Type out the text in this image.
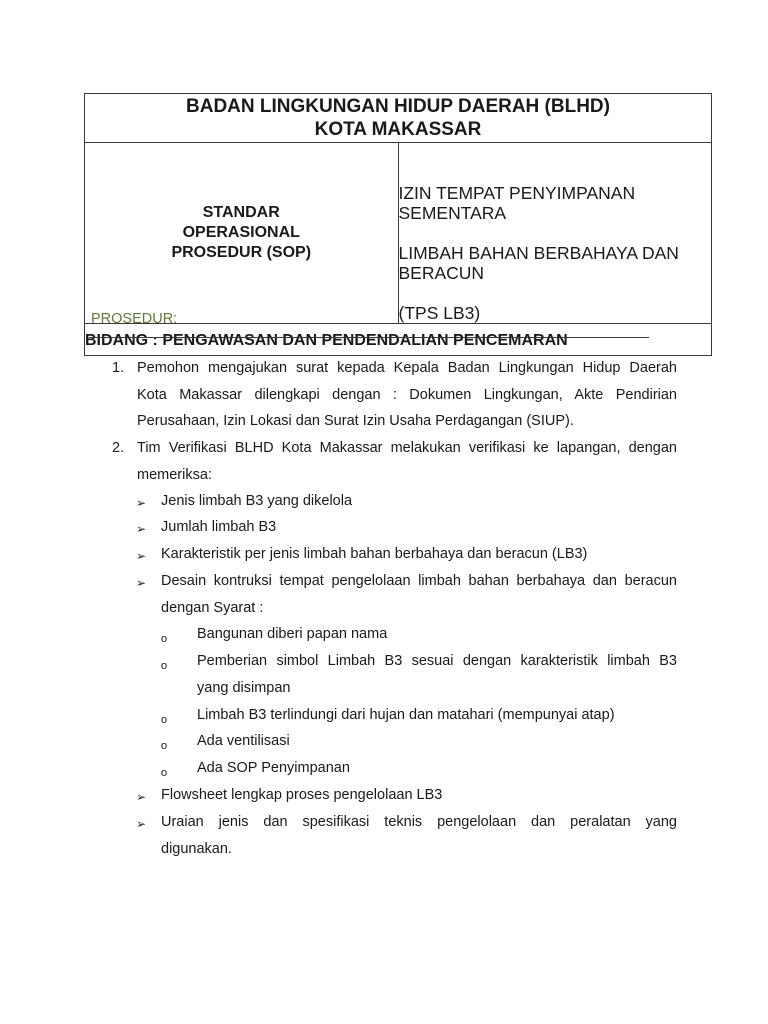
BADAN LINGKUNGAN HIDUP DAERAH (BLHD)
KOTA MAKASSAR

STANDAR
OPERASIONAL
PROSEDUR (SOP)

IZIN TEMPAT PENYIMPANAN SEMENTARA
LIMBAH BAHAN BERBAHAYA DAN BERACUN
(TPS LB3)

BIDANG : PENGAWASAN DAN PENDENDALIAN PENCEMARAN
PROSEDUR:
1. Pemohon mengajukan surat kepada Kepala Badan Lingkungan Hidup Daerah
Kota Makassar dilengkapi dengan : Dokumen Lingkungan, Akte Pendirian
Perusahaan, Izin Lokasi dan Surat Izin Usaha Perdagangan (SIUP).
2. Tim Verifikasi BLHD Kota Makassar melakukan verifikasi ke lapangan, dengan
memeriksa:
➢ Jenis limbah B3 yang dikelola
➢ Jumlah limbah B3
➢ Karakteristik per jenis limbah bahan berbahaya dan beracun (LB3)
➢ Desain kontruksi tempat pengelolaan limbah bahan berbahaya dan beracun
dengan Syarat :
o Bangunan diberi papan nama
o Pemberian simbol Limbah B3 sesuai dengan karakteristik limbah B3
yang disimpan
o Limbah B3 terlindungi dari hujan dan matahari (mempunyai atap)
o Ada ventilisasi
o Ada SOP Penyimpanan
➢ Flowsheet lengkap proses pengelolaan LB3
➢ Uraian jenis dan spesifikasi teknis pengelolaan dan peralatan yang
digunakan.
